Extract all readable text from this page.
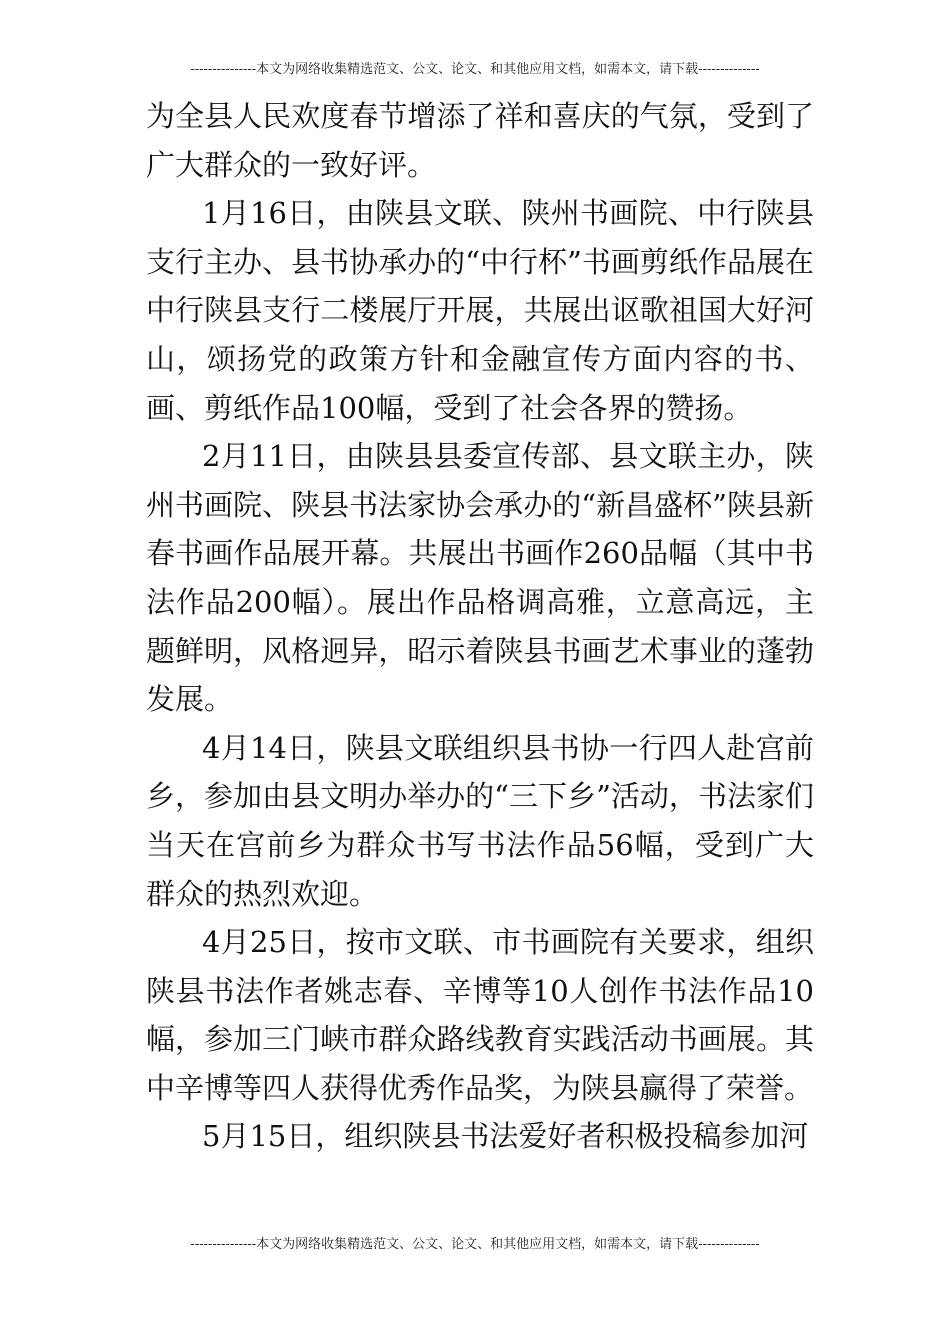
---------------本文为网络收集精选范文、公文、论文、和其他应用文档，如需本文，请下载--------------

为全县人民欢度春节增添了祥和喜庆的气氛，受到了广大群众的一致好评。

1月16日，由陕县文联、陕州书画院、中行陕县支行主办、县书协承办的“中行杯”书画剪纸作品展在中行陕县支行二楼展厅开展，共展出讴歌祖国大好河山，颂扬党的政策方针和金融宣传方面内容的书、画、剪纸作品100幅，受到了社会各界的赞扬。

2月11日，由陕县县委宣传部、县文联主办，陕州书画院、陕县书法家协会承办的“新昌盛杯”陕县新春书画作品展开幕。共展出书画作260品幅（其中书法作品200幅）。展出作品格调高雅，立意高远，主题鲜明，风格迥异，昭示着陕县书画艺术事业的蓬勃发展。

4月14日，陕县文联组织县书协一行四人赴宫前乡，参加由县文明办举办的“三下乡”活动，书法家们当天在宫前乡为群众书写书法作品56幅，受到广大群众的热烈欢迎。

4月25日，按市文联、市书画院有关要求，组织陕县书法作者姚志春、辛博等10人创作书法作品10幅，参加三门峡市群众路线教育实践活动书画展。其中辛博等四人获得优秀作品奖，为陕县赢得了荣誉。

5月15日，组织陕县书法爱好者积极投稿参加河

---------------本文为网络收集精选范文、公文、论文、和其他应用文档，如需本文，请下载--------------
